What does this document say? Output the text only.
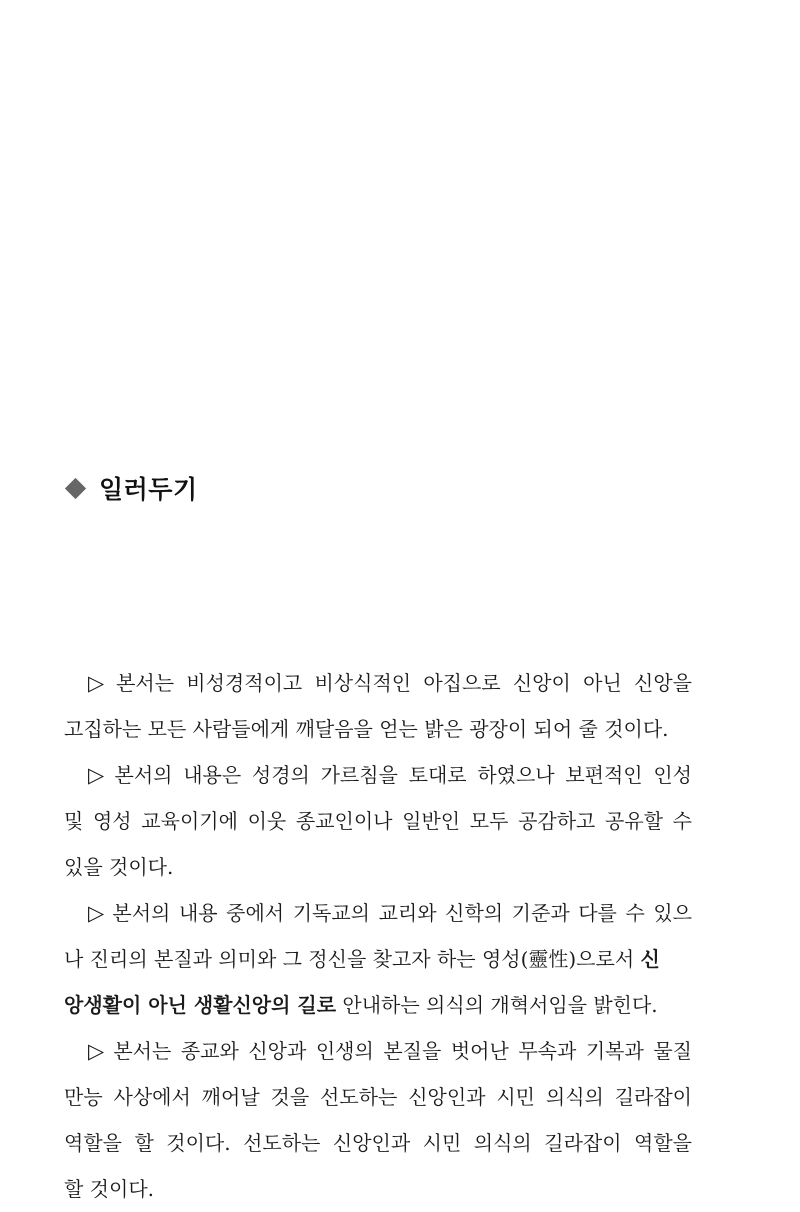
일러두기
▷ 본서는 비성경적이고 비상식적인 아집으로 신앙이 아닌 신앙을
고집하는 모든 사람들에게 깨달음을 얻는 밝은 광장이 되어 줄 것이다.
▷ 본서의 내용은 성경의 가르침을 토대로 하였으나 보편적인 인성
및 영성 교육이기에 이웃 종교인이나 일반인 모두 공감하고 공유할 수
있을 것이다.
▷ 본서의 내용 중에서 기독교의 교리와 신학의 기준과 다를 수 있으
나 진리의 본질과 의미와 그 정신을 찾고자 하는 영성(靈性)으로서 신
앙생활이 아닌 생활신앙의 길로 안내하는 의식의 개혁서임을 밝힌다.
▷ 본서는 종교와 신앙과 인생의 본질을 벗어난 무속과 기복과 물질
만능 사상에서 깨어날 것을 선도하는 신앙인과 시민 의식의 길라잡이
역할을 할 것이다. 선도하는 신앙인과 시민 의식의 길라잡이 역할을
할 것이다.
